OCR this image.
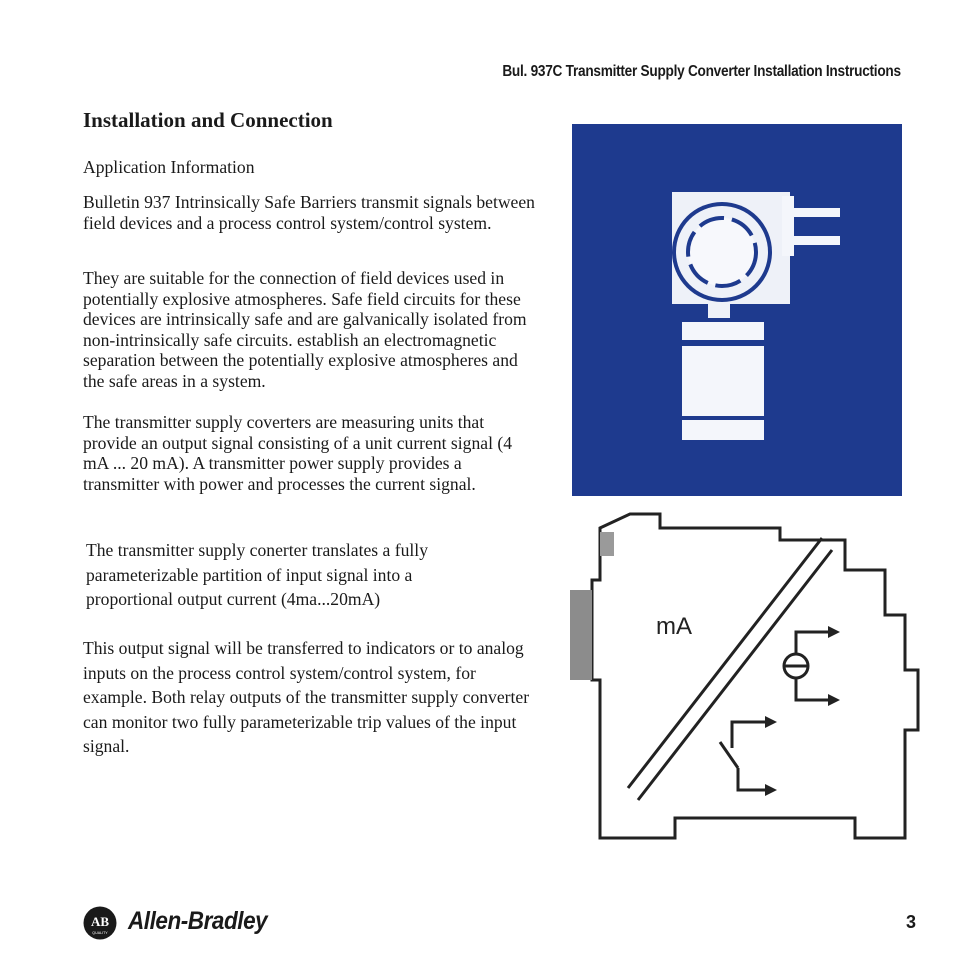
Bul. 937C Transmitter Supply Converter Installation Instructions
Installation and Connection

Application Information

Bulletin 937 Intrinsically Safe Barriers transmit signals between field devices and a process control system/control system.

They are suitable for the connection of field devices used in potentially explosive atmospheres. Safe field circuits for these devices are intrinsically safe and are galvanically isolated from non-intrinsically safe circuits. establish an electromagnetic separation between the potentially explosive atmospheres and the safe areas in a system.

The transmitter supply coverters are measuring units that provide an output signal consisting of a unit current signal (4 mA ... 20 mA). A transmitter power supply provides a transmitter with power and processes the current signal.

The transmitter supply conerter translates a fully parameterizable partition of input signal into a proportional output current (4ma...20mA)

This output signal will be transferred to indicators or to analog inputs on the process control system/control system, for example. Both relay outputs of the transmitter supply converter can monitor two fully parameterizable trip values of the input signal.

mA
AB
QUALITY Allen-Bradley	3
